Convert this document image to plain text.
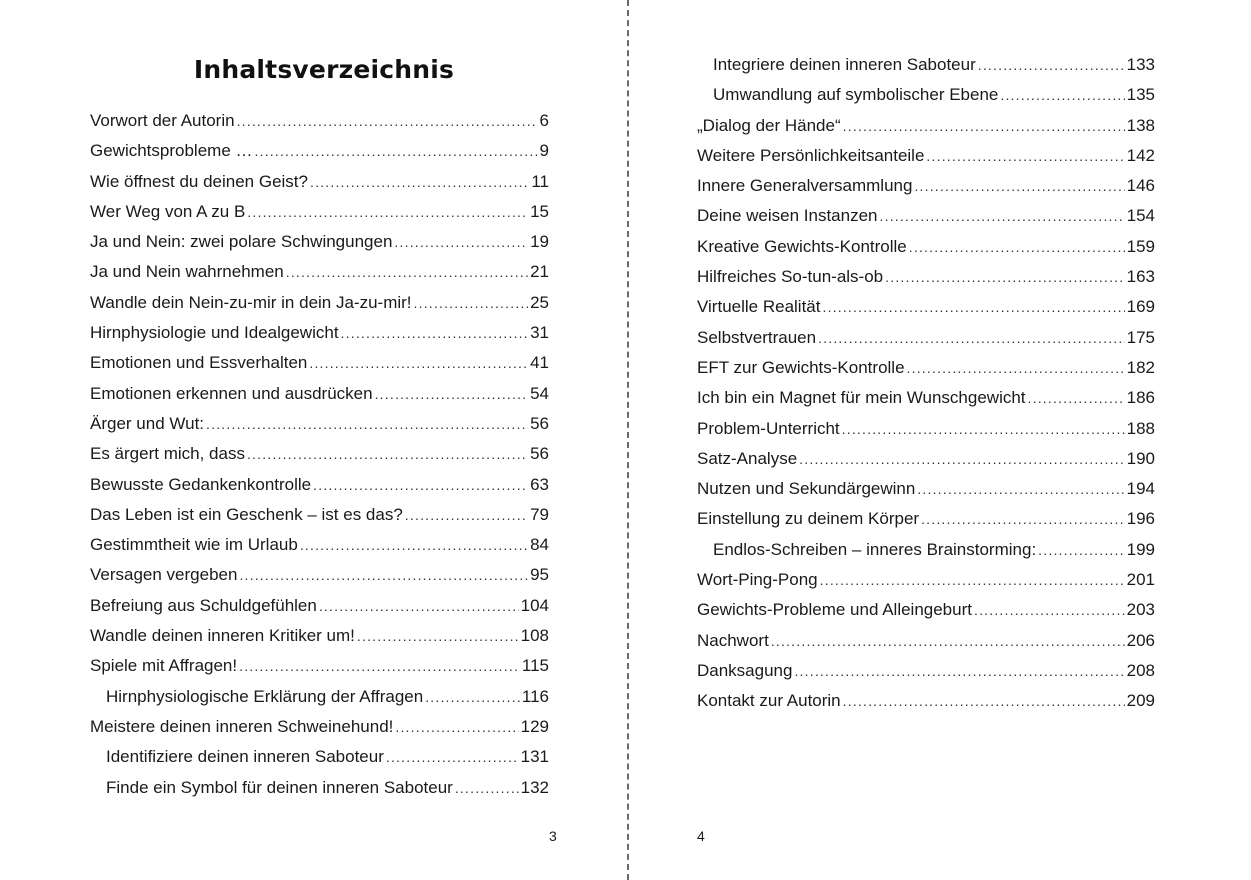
Inhaltsverzeichnis
Vorwort der Autorin .....	6
Gewichtsprobleme … .....	9
Wie öffnest du deinen Geist? .....	11
Wer Weg von A zu B .....	15
Ja und Nein: zwei polare Schwingungen .....	19
Ja und Nein wahrnehmen .....	21
Wandle dein Nein-zu-mir in dein Ja-zu-mir! .....	25
Hirnphysiologie und Idealgewicht .....	31
Emotionen und Essverhalten .....	41
Emotionen erkennen und ausdrücken .....	54
Ärger und Wut: .....	56
Es ärgert mich, dass .....	56
Bewusste Gedankenkontrolle .....	63
Das Leben ist ein Geschenk – ist es das? .....	79
Gestimmtheit wie im Urlaub .....	84
Versagen vergeben .....	95
Befreiung aus Schuldgefühlen .....	104
Wandle deinen inneren Kritiker um! .....	108
Spiele mit Affragen! .....	115
Hirnphysiologische Erklärung der Affragen .....	116
Meistere deinen inneren Schweinehund! .....	129
Identifiziere deinen inneren Saboteur .....	131
Finde ein Symbol für deinen inneren Saboteur .....	132
3
Integriere deinen inneren Saboteur .....	133
Umwandlung auf symbolischer Ebene .....	135
„Dialog der Hände“ .....	138
Weitere Persönlichkeitsanteile .....	142
Innere Generalversammlung .....	146
Deine weisen Instanzen .....	154
Kreative Gewichts-Kontrolle .....	159
Hilfreiches So-tun-als-ob .....	163
Virtuelle Realität .....	169
Selbstvertrauen .....	175
EFT zur Gewichts-Kontrolle .....	182
Ich bin ein Magnet für mein Wunschgewicht .....	186
Problem-Unterricht .....	188
Satz-Analyse .....	190
Nutzen und Sekundärgewinn .....	194
Einstellung zu deinem Körper .....	196
Endlos-Schreiben – inneres Brainstorming: .....	199
Wort-Ping-Pong .....	201
Gewichts-Probleme und Alleingeburt .....	203
Nachwort .....	206
Danksagung .....	208
Kontakt zur Autorin .....	209
4
